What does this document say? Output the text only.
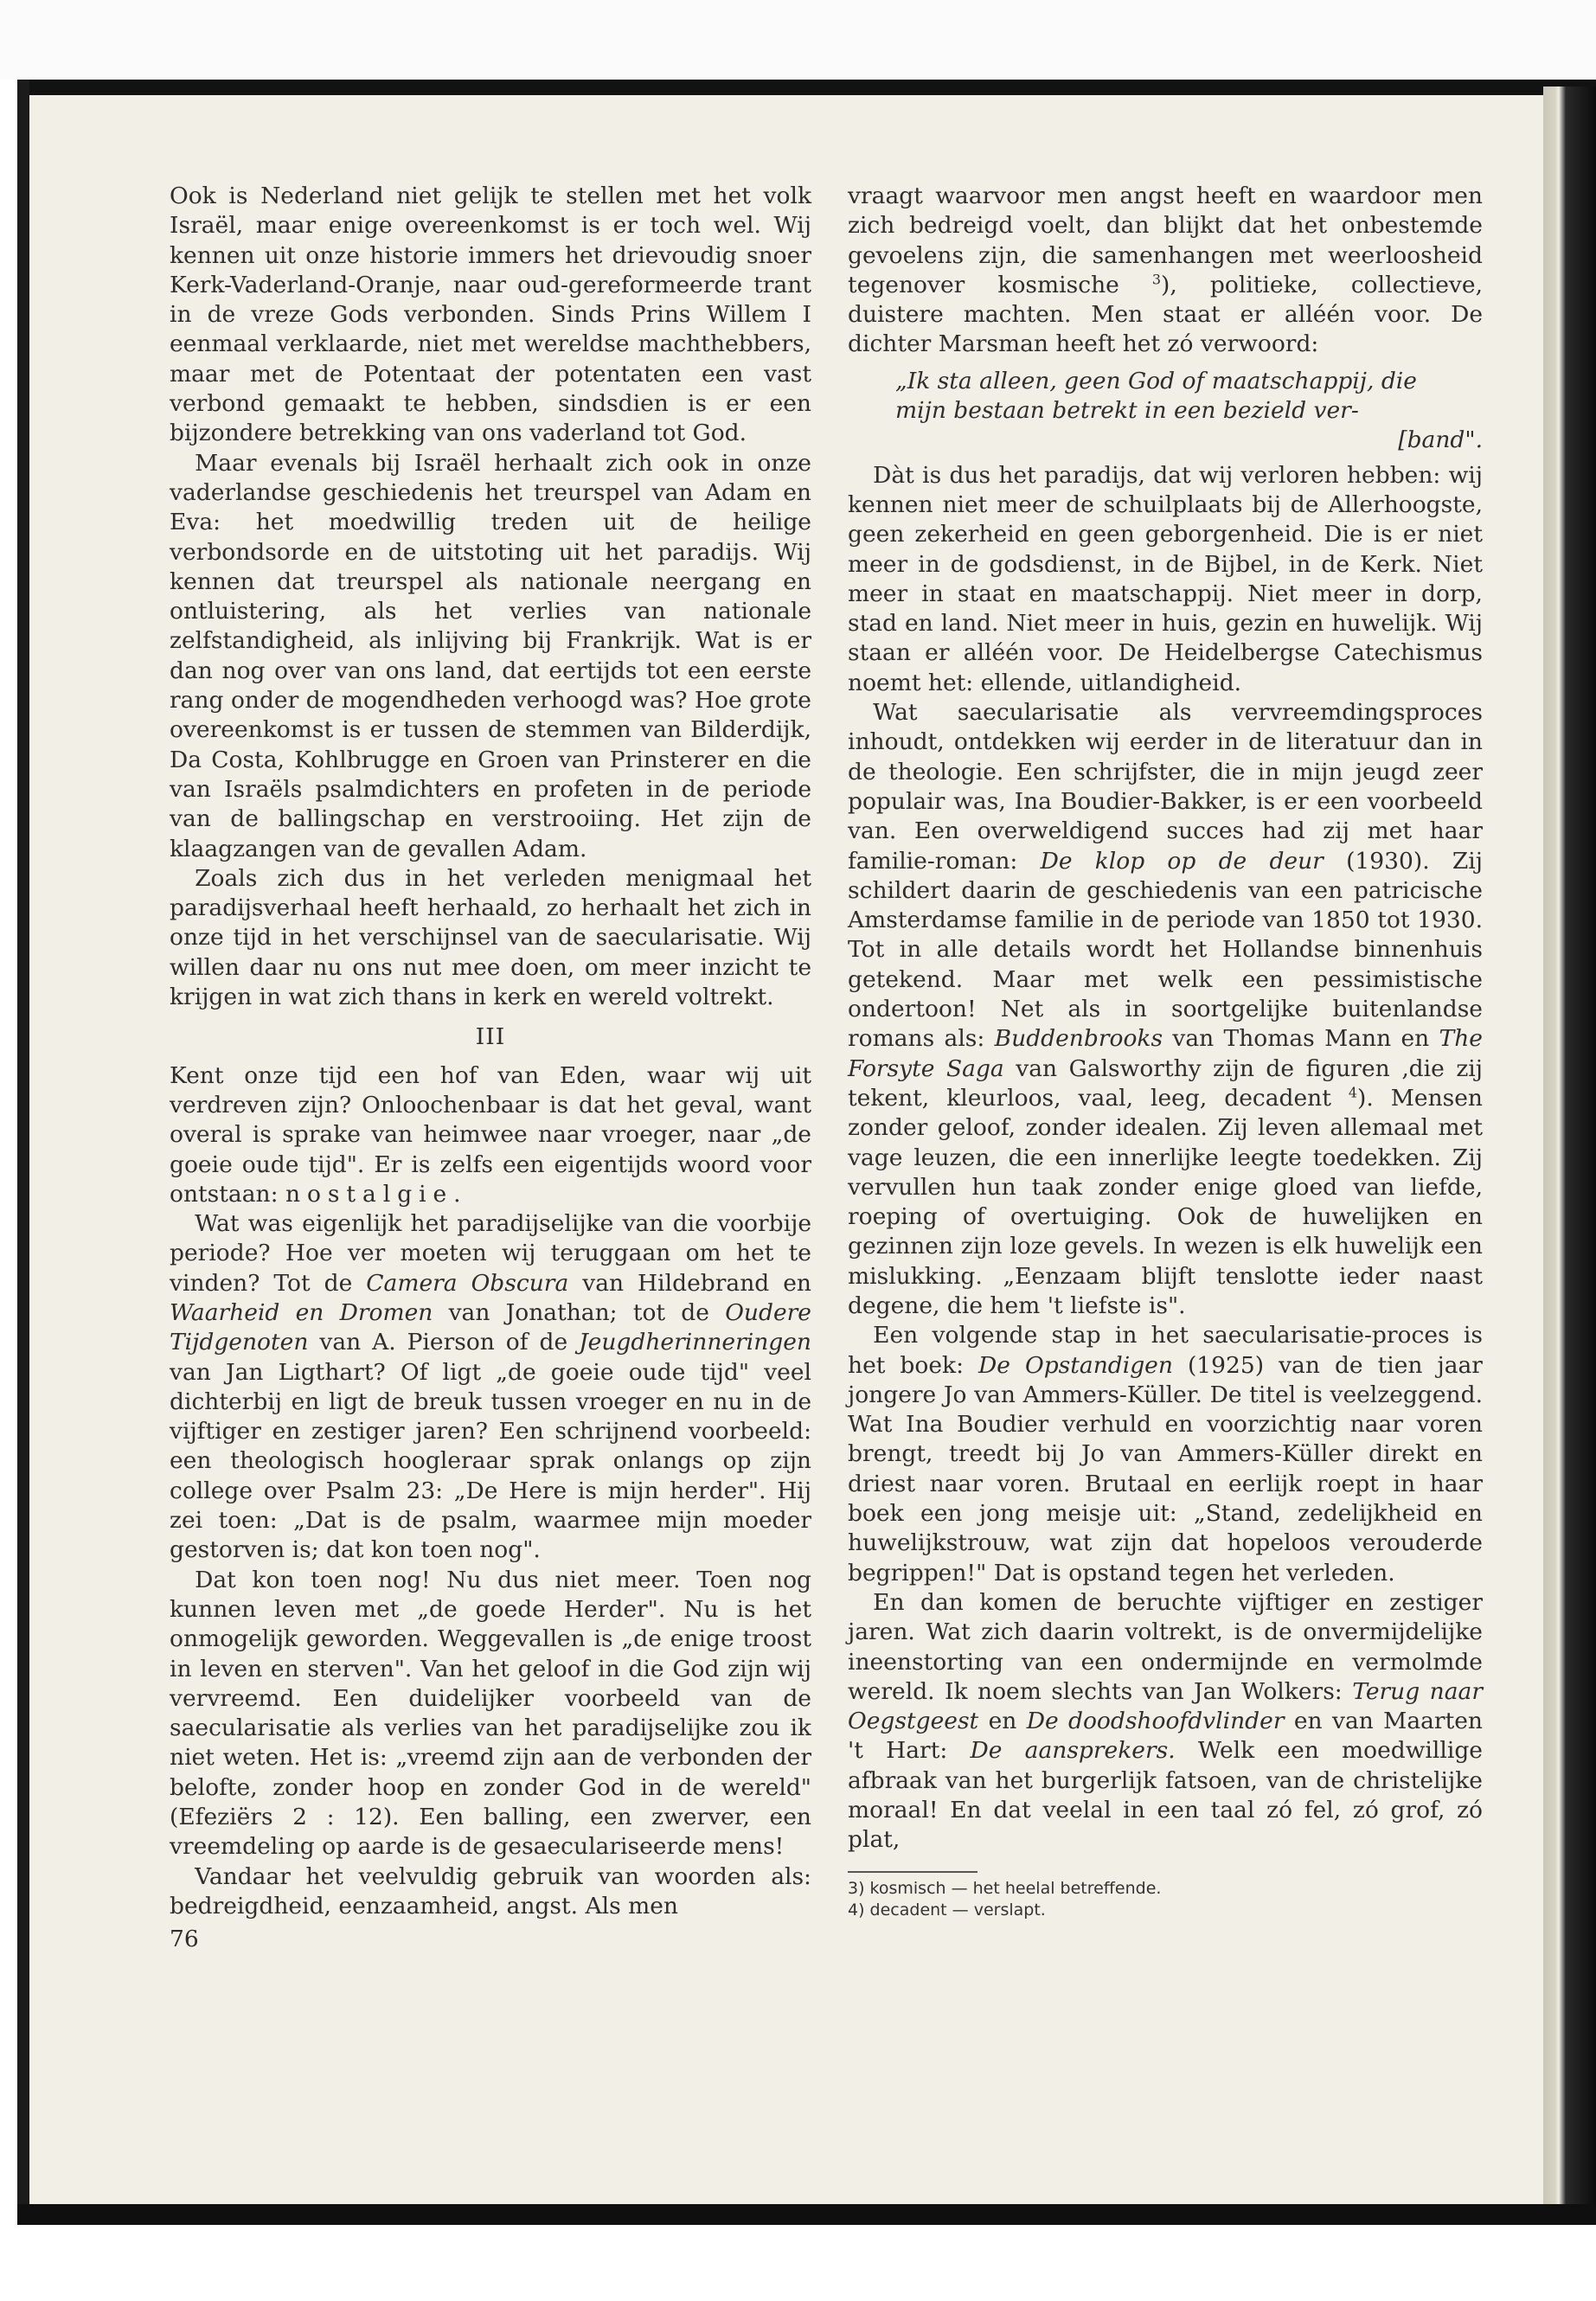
Ook is Nederland niet gelijk te stellen met het volk Israël, maar enige overeenkomst is er toch wel. Wij kennen uit onze historie immers het drievoudig snoer Kerk-Vaderland-Oranje, naar oud-gereformeerde trant in de vreze Gods verbonden. Sinds Prins Willem I eenmaal verklaarde, niet met wereldse machthebbers, maar met de Potentaat der potentaten een vast verbond gemaakt te hebben, sindsdien is er een bijzondere betrekking van ons vaderland tot God.

Maar evenals bij Israël herhaalt zich ook in onze vaderlandse geschiedenis het treurspel van Adam en Eva: het moedwillig treden uit de heilige verbondsorde en de uitstoting uit het paradijs. Wij kennen dat treurspel als nationale neergang en ontluistering, als het verlies van nationale zelfstandigheid, als inlijving bij Frankrijk. Wat is er dan nog over van ons land, dat eertijds tot een eerste rang onder de mogendheden verhoogd was? Hoe grote overeenkomst is er tussen de stemmen van Bilderdijk, Da Costa, Kohlbrugge en Groen van Prinsterer en die van Israëls psalmdichters en profeten in de periode van de ballingschap en verstrooiing. Het zijn de klaagzangen van de gevallen Adam.

Zoals zich dus in het verleden menigmaal het paradijsverhaal heeft herhaald, zo herhaalt het zich in onze tijd in het verschijnsel van de saecularisatie. Wij willen daar nu ons nut mee doen, om meer inzicht te krijgen in wat zich thans in kerk en wereld voltrekt.

III

Kent onze tijd een hof van Eden, waar wij uit verdreven zijn? Onloochenbaar is dat het geval, want overal is sprake van heimwee naar vroeger, naar „de goeie oude tijd". Er is zelfs een eigentijds woord voor ontstaan: nostalgie.

Wat was eigenlijk het paradijselijke van die voorbije periode? Hoe ver moeten wij teruggaan om het te vinden? Tot de Camera Obscura van Hildebrand en Waarheid en Dromen van Jonathan; tot de Oudere Tijdgenoten van A. Pierson of de Jeugdherinneringen van Jan Ligthart? Of ligt „de goeie oude tijd" veel dichterbij en ligt de breuk tussen vroeger en nu in de vijftiger en zestiger jaren? Een schrijnend voorbeeld: een theologisch hoogleraar sprak onlangs op zijn college over Psalm 23: „De Here is mijn herder". Hij zei toen: „Dat is de psalm, waarmee mijn moeder gestorven is; dat kon toen nog".

Dat kon toen nog! Nu dus niet meer. Toen nog kunnen leven met „de goede Herder". Nu is het onmogelijk geworden. Weggevallen is „de enige troost in leven en sterven". Van het geloof in die God zijn wij vervreemd. Een duidelijker voorbeeld van de saecularisatie als verlies van het paradijselijke zou ik niet weten. Het is: „vreemd zijn aan de verbonden der belofte, zonder hoop en zonder God in de wereld" (Efeziërs 2 : 12). Een balling, een zwerver, een vreemdeling op aarde is de gesaeculariseerde mens!

Vandaar het veelvuldig gebruik van woorden als: bedreigdheid, eenzaamheid, angst. Als men

76

vraagt waarvoor men angst heeft en waardoor men zich bedreigd voelt, dan blijkt dat het onbestemde gevoelens zijn, die samenhangen met weerloosheid tegenover kosmische $^3$), politieke, collectieve, duistere machten. Men staat er alléén voor. De dichter Marsman heeft het zó verwoord:

„Ik sta alleen, geen God of maatschappij, die
mijn bestaan betrekt in een bezield ver-
[band".

Dàt is dus het paradijs, dat wij verloren hebben: wij kennen niet meer de schuilplaats bij de Allerhoogste, geen zekerheid en geen geborgenheid. Die is er niet meer in de godsdienst, in de Bijbel, in de Kerk. Niet meer in staat en maatschappij. Niet meer in dorp, stad en land. Niet meer in huis, gezin en huwelijk. Wij staan er alléén voor. De Heidelbergse Catechismus noemt het: ellende, uitlandigheid.

Wat saecularisatie als vervreemdingsproces inhoudt, ontdekken wij eerder in de literatuur dan in de theologie. Een schrijfster, die in mijn jeugd zeer populair was, Ina Boudier-Bakker, is er een voorbeeld van. Een overweldigend succes had zij met haar familie-roman: De klop op de deur (1930). Zij schildert daarin de geschiedenis van een patricische Amsterdamse familie in de periode van 1850 tot 1930. Tot in alle details wordt het Hollandse binnenhuis getekend. Maar met welk een pessimistische ondertoon! Net als in soortgelijke buitenlandse romans als: Buddenbrooks van Thomas Mann en The Forsyte Saga van Galsworthy zijn de figuren ‚die zij tekent, kleurloos, vaal, leeg, decadent $^4$). Mensen zonder geloof, zonder idealen. Zij leven allemaal met vage leuzen, die een innerlijke leegte toedekken. Zij vervullen hun taak zonder enige gloed van liefde, roeping of overtuiging. Ook de huwelijken en gezinnen zijn loze gevels. In wezen is elk huwelijk een mislukking. „Eenzaam blijft tenslotte ieder naast degene, die hem 't liefste is".

Een volgende stap in het saecularisatie-proces is het boek: De Opstandigen (1925) van de tien jaar jongere Jo van Ammers-Küller. De titel is veelzeggend. Wat Ina Boudier verhuld en voorzichtig naar voren brengt, treedt bij Jo van Ammers-Küller direkt en driest naar voren. Brutaal en eerlijk roept in haar boek een jong meisje uit: „Stand, zedelijkheid en huwelijkstrouw, wat zijn dat hopeloos verouderde begrippen!" Dat is opstand tegen het verleden.

En dan komen de beruchte vijftiger en zestiger jaren. Wat zich daarin voltrekt, is de onvermijdelijke ineenstorting van een ondermijnde en vermolmde wereld. Ik noem slechts van Jan Wolkers: Terug naar Oegstgeest en De doodshoofdvlinder en van Maarten 't Hart: De aansprekers. Welk een moedwillige afbraak van het burgerlijk fatsoen, van de christelijke moraal! En dat veelal in een taal zó fel, zó grof, zó plat,

3) kosmisch — het heelal betreffende.
4) decadent — verslapt.
